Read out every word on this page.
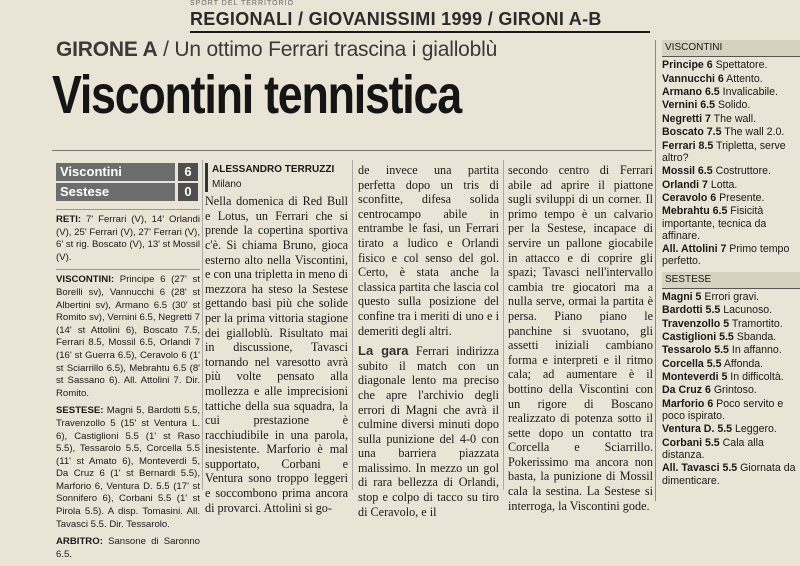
SPORT DEL TERRITORIO
REGIONALI / GIOVANISSIMI 1999 / GIRONI A-B
GIRONE A / Un ottimo Ferrari trascina i gialloblù
Viscontini tennistica
Viscontini	6
Sestese	0

RETI: 7' Ferrari (V), 14' Orlandi (V), 25' Ferrari (V), 27' Ferrari (V), 6' st rig. Boscato (V), 13' st Mossil (V).

VISCONTINI: Principe 6 (27' st Borelli sv), Vannucchi 6 (28' st Albertini sv), Armano 6.5 (30' st Romito sv), Vernini 6.5, Negretti 7 (14' st Attolini 6), Boscato 7.5, Ferrari 8.5, Mossil 6.5, Orlandi 7 (16' st Guerra 6.5), Ceravolo 6 (1' st Sciarrillo 6.5), Mebrahtu 6.5 (8' st Sassano 6). All. Attolini 7. Dir. Romito.

SESTESE: Magni 5, Bardotti 5.5, Travenzollo 5 (15' st Ventura L. 6), Castiglioni 5.5 (1' st Raso 5.5), Tessarolo 5.5, Corcella 5.5 (11' st Amato 6), Monteverdi 5, Da Cruz 6 (1' st Bernardi 5.5), Marforio 6, Ventura D. 5.5 (17' st Sonnifero 6), Corbani 5.5 (1' st Pirola 5.5). A disp. Tomasini. All. Tavasci 5.5. Dir. Tessarolo.

ARBITRO: Sansone di Saronno 6.5.

ALESSANDRO TERRUZZI
Milano

Nella domenica di Red Bull e Lotus, un Ferrari che si prende la copertina sportiva c'è. Si chiama Bruno, gioca esterno alto nella Viscontini, e con una tripletta in meno di mezzora ha steso la Sestese gettando basi più che solide per la prima vittoria stagione dei gialloblù. Risultato mai in discussione, Tavasci tornando nel varesotto avrà più volte pensato alla mollezza e alle imprecisioni tattiche della sua squadra, la cui prestazione è racchiudibile in una parola, inesistente. Marforio è mal supportato, Corbani e Ventura sono troppo leggeri e soccombono prima ancora di provarci. Attolini si go-

de invece una partita perfetta dopo un tris di sconfitte, difesa solida centrocampo abile in entrambe le fasi, un Ferrari tirato a ludico e Orlandi fisico e col senso del gol. Certo, è stata anche la classica partita che lascia col questo sulla posizione del confine tra i meriti di uno e i demeriti degli altri.

La gara Ferrari indirizza subito il match con un diagonale lento ma preciso che apre l'archivio degli errori di Magni che avrà il culmine diversi minuti dopo sulla punizione del 4-0 con una barriera piazzata malissimo. In mezzo un gol di rara bellezza di Orlandi, stop e colpo di tacco su tiro di Ceravolo, e il

secondo centro di Ferrari abile ad aprire il piattone sugli sviluppi di un corner. Il primo tempo è un calvario per la Sestese, incapace di servire un pallone giocabile in attacco e di coprire gli spazi; Tavasci nell'intervallo cambia tre giocatori ma a nulla serve, ormai la partita è persa. Piano piano le panchine si svuotano, gli assetti iniziali cambiano forma e interpreti e il ritmo cala; ad aumentare è il bottino della Viscontini con un rigore di Boscano realizzato di potenza sotto il sette dopo un contatto tra Corcella e Sciarrillo. Pokerissimo ma ancora non basta, la punizione di Mossil cala la sestina. La Sestese si interroga, la Viscontini gode.

VISCONTINI
Principe 6 Spettatore.
Vannucchi 6 Attento.
Armano 6.5 Invalicabile.
Vernini 6.5 Solido.
Negretti 7 The wall.
Boscato 7.5 The wall 2.0.
Ferrari 8.5 Tripletta, serve altro?
Mossil 6.5 Costruttore.
Orlandi 7 Lotta.
Ceravolo 6 Presente.
Mebrahtu 6.5 Fisicità importante, tecnica da affinare.
All. Attolini 7 Primo tempo perfetto.
SESTESE
Magni 5 Errori gravi.
Bardotti 5.5 Lacunoso.
Travenzollo 5 Tramortito.
Castiglioni 5.5 Sbanda.
Tessarolo 5.5 In affanno.
Corcella 5.5 Affonda.
Monteverdi 5 In difficoltà.
Da Cruz 6 Grintoso.
Marforio 6 Poco servito e poco ispirato.
Ventura D. 5.5 Leggero.
Corbani 5.5 Cala alla distanza.
All. Tavasci 5.5 Giornata da dimenticare.
